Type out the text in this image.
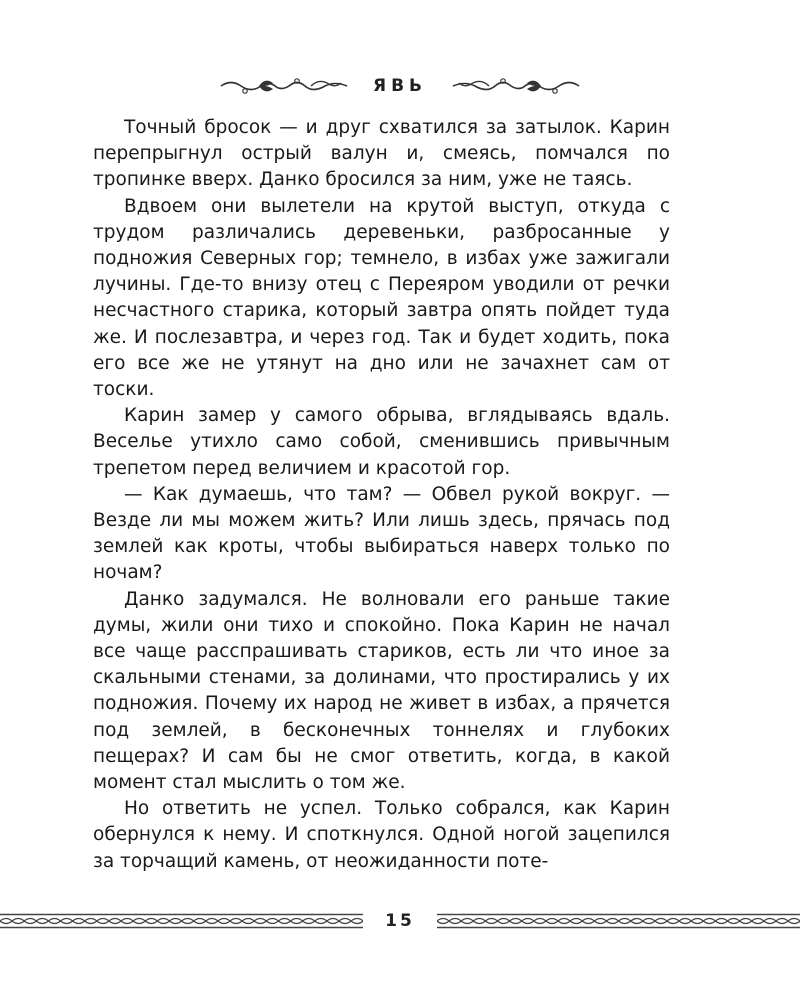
ЯВЬ

Точный бросок — и друг схватился за затылок. Карин перепрыгнул острый валун и, смеясь, помчался по тропинке вверх. Данко бросился за ним, уже не таясь.

Вдвоем они вылетели на крутой выступ, откуда с трудом различались деревеньки, разбросанные у подножия Северных гор; темнело, в избах уже зажигали лучины. Где-то внизу отец с Переяром уводили от речки несчастного старика, который завтра опять пойдет туда же. И послезавтра, и через год. Так и будет ходить, пока его все же не утянут на дно или не зачахнет сам от тоски.

Карин замер у самого обрыва, вглядываясь вдаль. Веселье утихло само собой, сменившись привычным трепетом перед величием и красотой гор.

— Как думаешь, что там? — Обвел рукой вокруг. — Везде ли мы можем жить? Или лишь здесь, прячась под землей как кроты, чтобы выбираться наверх только по ночам?

Данко задумался. Не волновали его раньше такие думы, жили они тихо и спокойно. Пока Карин не начал все чаще расспрашивать стариков, есть ли что иное за скальными стенами, за долинами, что простирались у их подножия. Почему их народ не живет в избах, а прячется под землей, в бесконечных тоннелях и глубоких пещерах? И сам бы не смог ответить, когда, в какой момент стал мыслить о том же.

Но ответить не успел. Только собрался, как Карин обернулся к нему. И споткнулся. Одной ногой зацепился за торчащий камень, от неожиданности поте-

15
